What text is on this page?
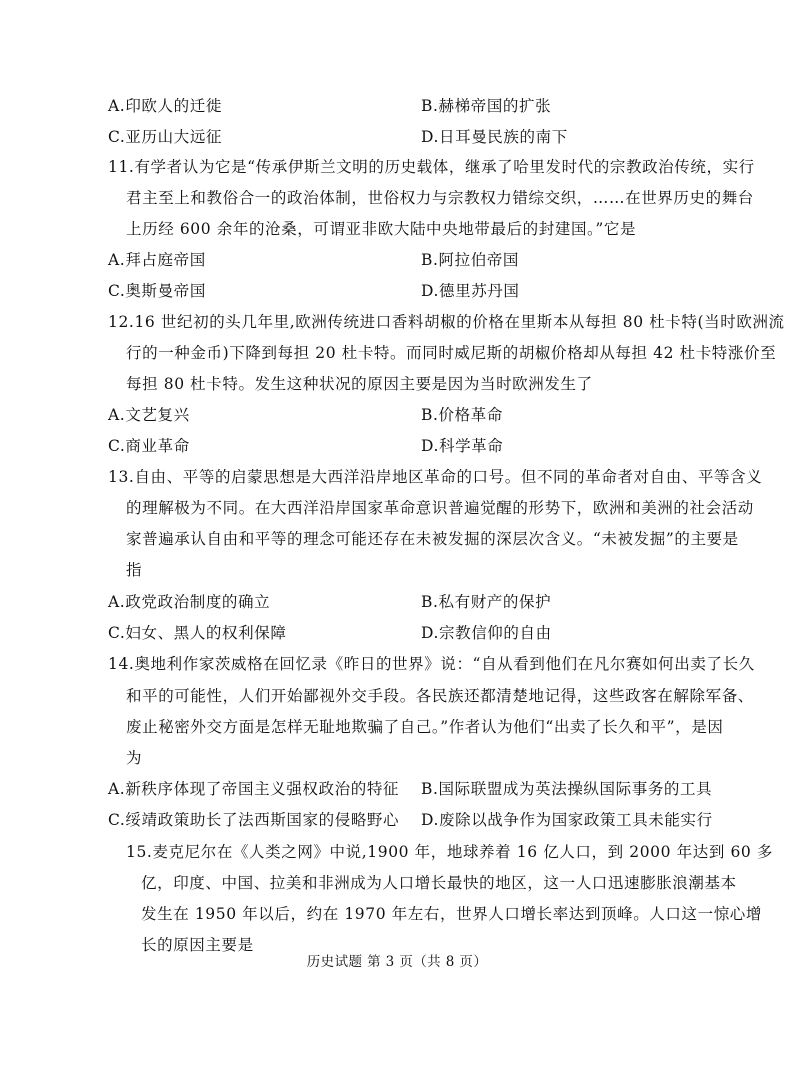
A.印欧人的迁徙	B.赫梯帝国的扩张
C.亚历山大远征	D.日耳曼民族的南下
11.有学者认为它是“传承伊斯兰文明的历史载体，继承了哈里发时代的宗教政治传统，实行
君主至上和教俗合一的政治体制，世俗权力与宗教权力错综交织，……在世界历史的舞台
上历经 600 余年的沧桑，可谓亚非欧大陆中央地带最后的封建国。”它是
A.拜占庭帝国	B.阿拉伯帝国
C.奥斯曼帝国	D.德里苏丹国
12.16 世纪初的头几年里,欧洲传统进口香料胡椒的价格在里斯本从每担 80 杜卡特(当时欧洲流
行的一种金币)下降到每担 20 杜卡特。而同时威尼斯的胡椒价格却从每担 42 杜卡特涨价至
每担 80 杜卡特。发生这种状况的原因主要是因为当时欧洲发生了
A.文艺复兴	B.价格革命
C.商业革命	D.科学革命
13.自由、平等的启蒙思想是大西洋沿岸地区革命的口号。但不同的革命者对自由、平等含义
的理解极为不同。在大西洋沿岸国家革命意识普遍觉醒的形势下，欧洲和美洲的社会活动
家普遍承认自由和平等的理念可能还存在未被发掘的深层次含义。“未被发掘”的主要是
指
A.政党政治制度的确立	B.私有财产的保护
C.妇女、黑人的权利保障	D.宗教信仰的自由
14.奥地利作家茨威格在回忆录《昨日的世界》说：“自从看到他们在凡尔赛如何出卖了长久
和平的可能性，人们开始鄙视外交手段。各民族还都清楚地记得，这些政客在解除军备、
废止秘密外交方面是怎样无耻地欺骗了自己。”作者认为他们“出卖了长久和平”，是因
为
A.新秩序体现了帝国主义强权政治的特征 B.国际联盟成为英法操纵国际事务的工具
C.绥靖政策助长了法西斯国家的侵略野心 D.废除以战争作为国家政策工具未能实行
15.麦克尼尔在《人类之网》中说,1900 年，地球养着 16 亿人口，到 2000 年达到 60 多
亿，印度、中国、拉美和非洲成为人口增长最快的地区，这一人口迅速膨胀浪潮基本
发生在 1950 年以后，约在 1970 年左右，世界人口增长率达到顶峰。人口这一惊心增
长的原因主要是
历史试题 第 3 页（共 8 页）
